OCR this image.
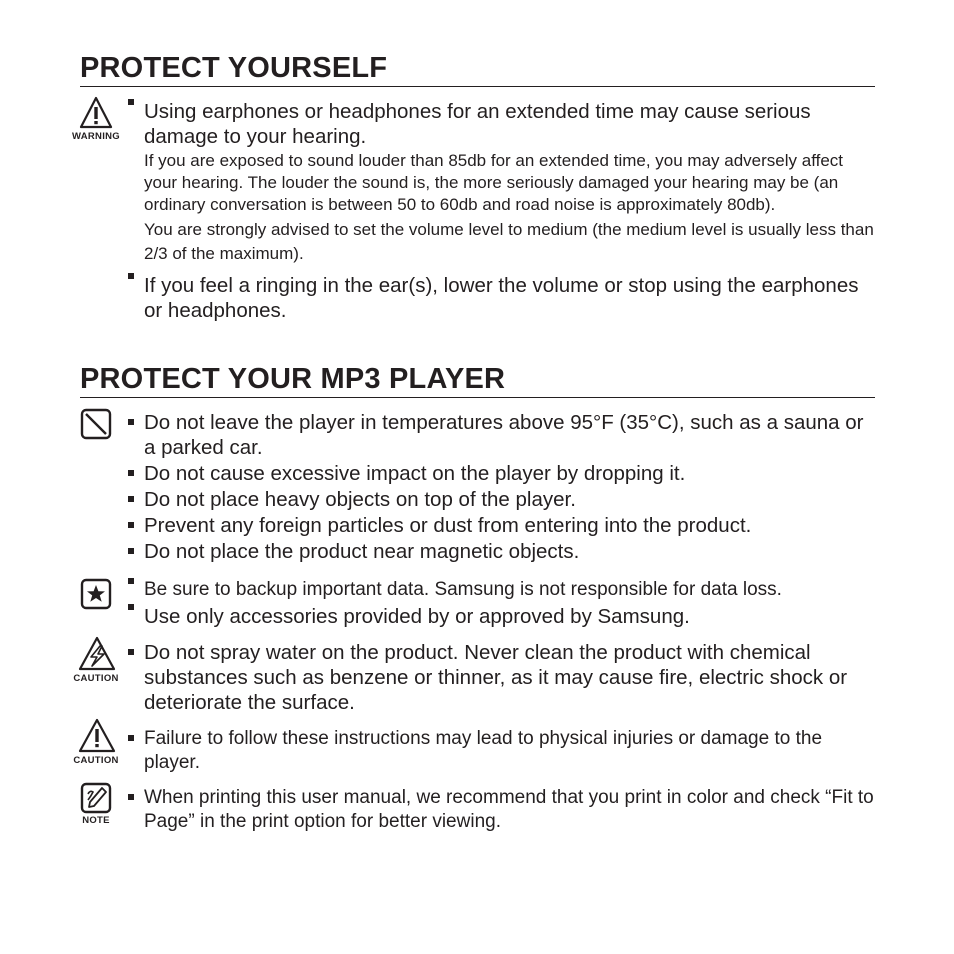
PROTECT YOURSELF
WARNING
Using earphones or headphones for an extended time may cause serious damage to your hearing.
If you are exposed to sound louder than 85db for an extended time, you may adversely affect your hearing. The louder the sound is, the more seriously damaged your hearing may be (an ordinary conversation is between 50 to 60db and road noise is approximately 80db).
You are strongly advised to set the volume level to medium (the medium level is usually less than 2/3 of the maximum).
If you feel a ringing in the ear(s), lower the volume or stop using the earphones or headphones.
PROTECT YOUR MP3 PLAYER
Do not leave the player in temperatures above 95°F (35°C), such as a sauna or a parked car.
Do not cause excessive impact on the player by dropping it.
Do not place heavy objects on top of the player.
Prevent any foreign particles or dust from entering into the product.
Do not place the product near magnetic objects.
Be sure to backup important data. Samsung is not responsible for data loss.
Use only accessories provided by or approved by Samsung.
CAUTION
Do not spray water on the product. Never clean the product with chemical substances such as benzene or thinner, as it may cause fire, electric shock or deteriorate the surface.
CAUTION
Failure to follow these instructions may lead to physical injuries or damage to the player.
NOTE
When printing this user manual, we recommend that you print in color and check “Fit to Page” in the print option for better viewing.
